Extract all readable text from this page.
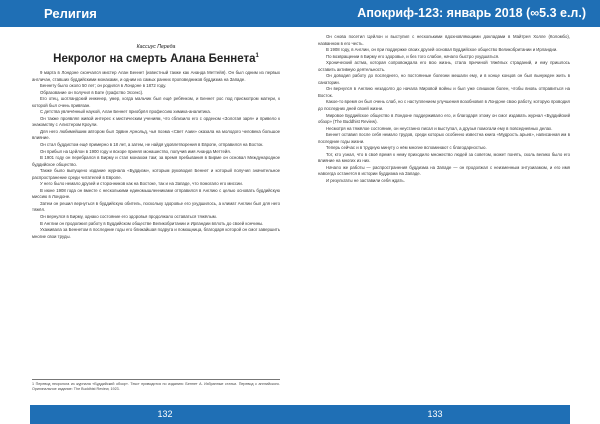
Религия
Кассиус Переда
Некролог на смерть Алана Беннета$^1$

9 марта в Лондоне скончался мистер Алан Беннет (известный также как Ананда Меттейя). Он был одним из первых англичан, ставших буддийскими монахами, и одним из самых ранних проповедников буддизма на Западе.

Беннету было около 50 лет; он родился в Лондоне в 1872 году.

Образование он получил в Бате (графство Эссекс).

Его отец, шотландский инженер, умер, когда мальчик был ещё ребёнком, и Беннет рос под присмотром матери, к которой был очень привязан.

С детства увлечённый наукой, Алан Беннет приобрёл профессию химика-аналитика.

Он также проявлял живой интерес к мистическим учениям, что сблизило его с орденом «Золотая заря» и привело к знакомству с Алистером Кроули.

Для него любимейшим автором был Эдвин Арнольд, чья поэма «Свет Азии» оказала на молодого человека большое влияние.

Он стал буддистом ещё примерно в 18 лет, а затем, не найдя удовлетворения в Европе, отправился на Восток.

Он прибыл на Цейлон в 1900 году и вскоре принял монашество, получив имя Ананда Меттейя.

В 1901 году он перебрался в Бирму и стал монахом там; за время пребывания в Бирме он основал Международное буддийское общество.

Также было выпущено издание журнала «Буддизм», которым руководил Беннет и который получил значительное распространение среди читателей в Европе.

У него было немало друзей и сторонников как на Востоке, так и на Западе, что помогало его миссии.

В июне 1908 года он вместе с несколькими единомышленниками отправился в Англию с целью основать буддийскую миссию в Лондоне.

Затем он решил вернуться в буддийскую обитель, поскольку здоровье его ухудшилось, а климат Англии был для него тяжёл.

Он вернулся в Бирму, однако состояние его здоровья продолжало оставаться тяжёлым.

В Англии он продолжил работу в Буддийском обществе Великобритании и Ирландии вплоть до своей кончины.

Ухаживала за Беннетом в последние годы его ближайшая подруга и помощница, благодаря которой он смог завершить многие свои труды.

1 Перевод некролога из журнала «Буддийский обзор». Текст приводится по изданию: Беннет А. Избранные статьи. Перевод с английского. Оригинальное издание: The Buddhist Review, 1923.
132
Апокриф-123: январь 2018 (∞5.3 е.л.)

Он снова посетил Цейлон и выступил с несколькими вдохновляющими докладами в Майтрея Холле (Коломбо), названном в его честь.

В 1908 году, в Англии, он при поддержке своих друзей основал Буддийское общество Великобритании и Ирландии.

По возвращении в Бирму его здоровье, и без того слабое, начало быстро ухудшаться.

Хронический астма, которая сопровождала его всю жизнь, стала причиной тяжёлых страданий, и ему пришлось оставить активную деятельность.

Он доводил работу до последнего, но постоянные болезни мешали ему, и в конце концов он был вынужден жить в санатории.

Он вернулся в Англию незадолго до начала Мировой войны и был уже слишком болен, чтобы вновь отправиться на Восток.

Какое-то время он был очень слаб, но с наступлением улучшения возобновил в Лондоне свою работу, которую проводил до последних дней своей жизни.

Мировое Буддийское общество в Лондоне поддерживало его, и благодаря этому он смог издавать журнал «Буддийский обзор» (The Buddhist Review).

Несмотря на тяжёлое состояние, он неустанно писал и выступал, а друзья помогали ему в повседневных делах.

Беннет оставил после себя немало трудов, среди которых особенно известна книга «Мудрость арьев», написанная им в последние годы жизни.

Теперь сейчас и в трудную минуту о нём многие вспоминают с благодарностью.

Тот, кто узнал, что в своё время к нему приходило множество людей за советом, может понять, сколь велико было его влияние на многих из них.

Начало же работы — распространения буддизма на Западе — он продолжал с неизменным энтузиазмом, и его имя навсегда останется в истории буддизма на Западе.

И результаты не заставили себя ждать.

133
